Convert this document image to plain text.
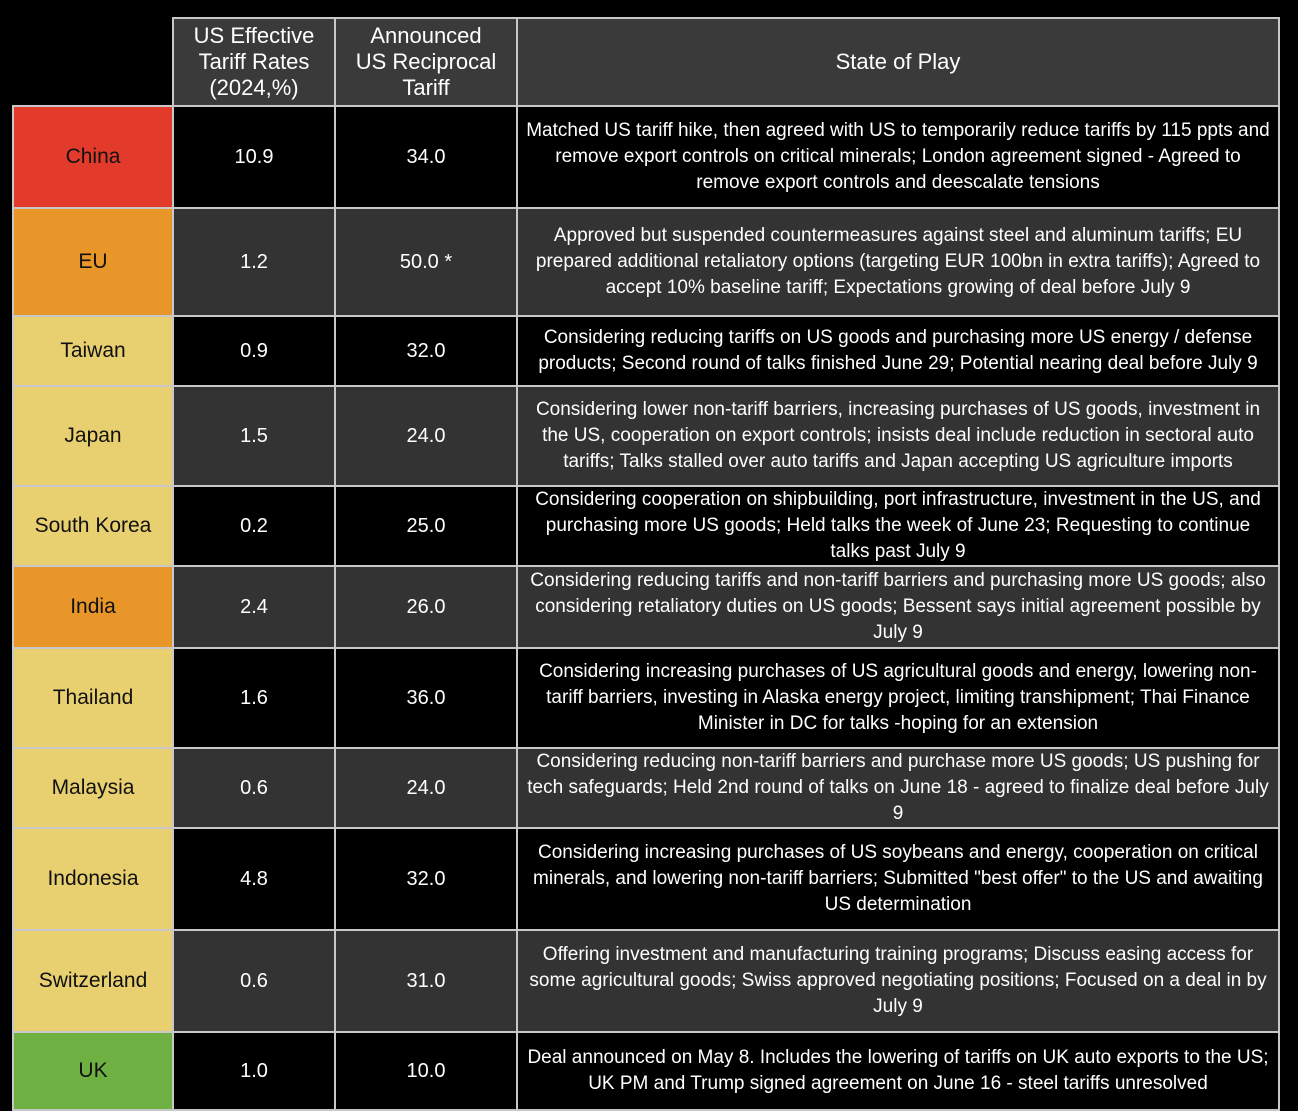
	US Effective Tariff Rates (2024,%)	Announced US Reciprocal Tariff	State of Play
China	10.9	34.0	Matched US tariff hike, then agreed with US to temporarily reduce tariffs by 115 ppts and remove export controls on critical minerals; London agreement signed - Agreed to remove export controls and deescalate tensions
EU	1.2	50.0 *	Approved but suspended countermeasures against steel and aluminum tariffs; EU prepared additional retaliatory options (targeting EUR 100bn in extra tariffs); Agreed to accept 10% baseline tariff; Expectations growing of deal before July 9
Taiwan	0.9	32.0	Considering reducing tariffs on US goods and purchasing more US energy / defense products; Second round of talks finished June 29; Potential nearing deal before July 9
Japan	1.5	24.0	Considering lower non-tariff barriers, increasing purchases of US goods, investment in the US, cooperation on export controls; insists deal include reduction in sectoral auto tariffs; Talks stalled over auto tariffs and Japan accepting US agriculture imports
South Korea	0.2	25.0	Considering cooperation on shipbuilding, port infrastructure, investment in the US, and purchasing more US goods; Held talks the week of June 23; Requesting to continue talks past July 9
India	2.4	26.0	Considering reducing tariffs and non-tariff barriers and purchasing more US goods; also considering retaliatory duties on US goods; Bessent says initial agreement possible by July 9
Thailand	1.6	36.0	Considering increasing purchases of US agricultural goods and energy, lowering non-tariff barriers, investing in Alaska energy project, limiting transhipment; Thai Finance Minister in DC for talks -hoping for an extension
Malaysia	0.6	24.0	Considering reducing non-tariff barriers and purchase more US goods; US pushing for tech safeguards; Held 2nd round of talks on June 18 - agreed to finalize deal before July 9
Indonesia	4.8	32.0	Considering increasing purchases of US soybeans and energy, cooperation on critical minerals, and lowering non-tariff barriers; Submitted "best offer" to the US and awaiting US determination
Switzerland	0.6	31.0	Offering investment and manufacturing training programs; Discuss easing access for some agricultural goods; Swiss approved negotiating positions; Focused on a deal in by July 9
UK	1.0	10.0	Deal announced on May 8. Includes the lowering of tariffs on UK auto exports to the US; UK PM and Trump signed agreement on June 16 - steel tariffs unresolved
